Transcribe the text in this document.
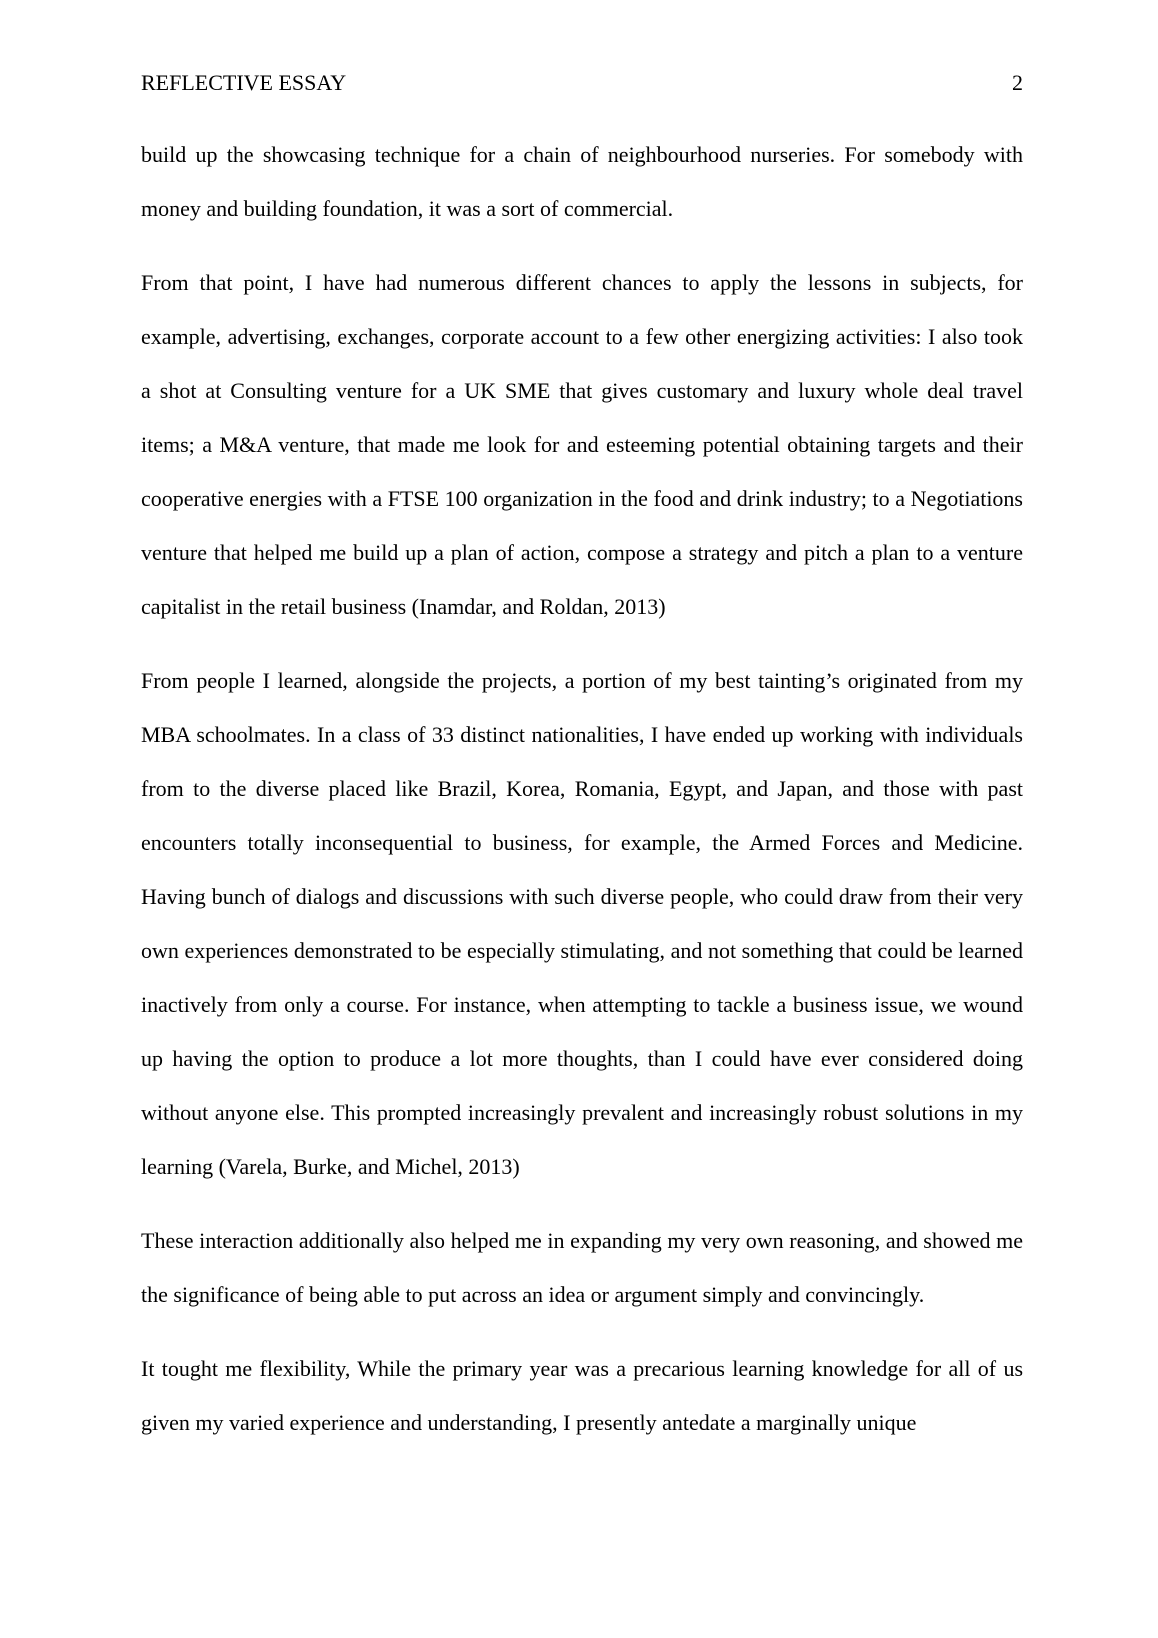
REFLECTIVE ESSAY	2

build up the showcasing technique for a chain of neighbourhood nurseries. For somebody with money and building foundation, it was a sort of commercial.

From that point, I have had numerous different chances to apply the lessons in subjects, for example, advertising, exchanges, corporate account to a few other energizing activities: I also took a shot at Consulting venture for a UK SME that gives customary and luxury whole deal travel items; a M&A venture, that made me look for and esteeming potential obtaining targets and their cooperative energies with a FTSE 100 organization in the food and drink industry; to a Negotiations venture that helped me build up a plan of action, compose a strategy and pitch a plan to a venture capitalist in the retail business (Inamdar, and Roldan, 2013)

From people I learned, alongside the projects, a portion of my best tainting’s originated from my MBA schoolmates. In a class of 33 distinct nationalities, I have ended up working with individuals from to the diverse placed like Brazil, Korea, Romania, Egypt, and Japan, and those with past encounters totally inconsequential to business, for example, the Armed Forces and Medicine. Having bunch of dialogs and discussions with such diverse people, who could draw from their very own experiences demonstrated to be especially stimulating, and not something that could be learned inactively from only a course. For instance, when attempting to tackle a business issue, we wound up having the option to produce a lot more thoughts, than I could have ever considered doing without anyone else. This prompted increasingly prevalent and increasingly robust solutions in my learning (Varela, Burke, and Michel, 2013)

These interaction additionally also helped me in expanding my very own reasoning, and showed me the significance of being able to put across an idea or argument simply and convincingly.

It tought me flexibility, While the primary year was a precarious learning knowledge for all of us given my varied experience and understanding, I presently antedate a marginally unique
